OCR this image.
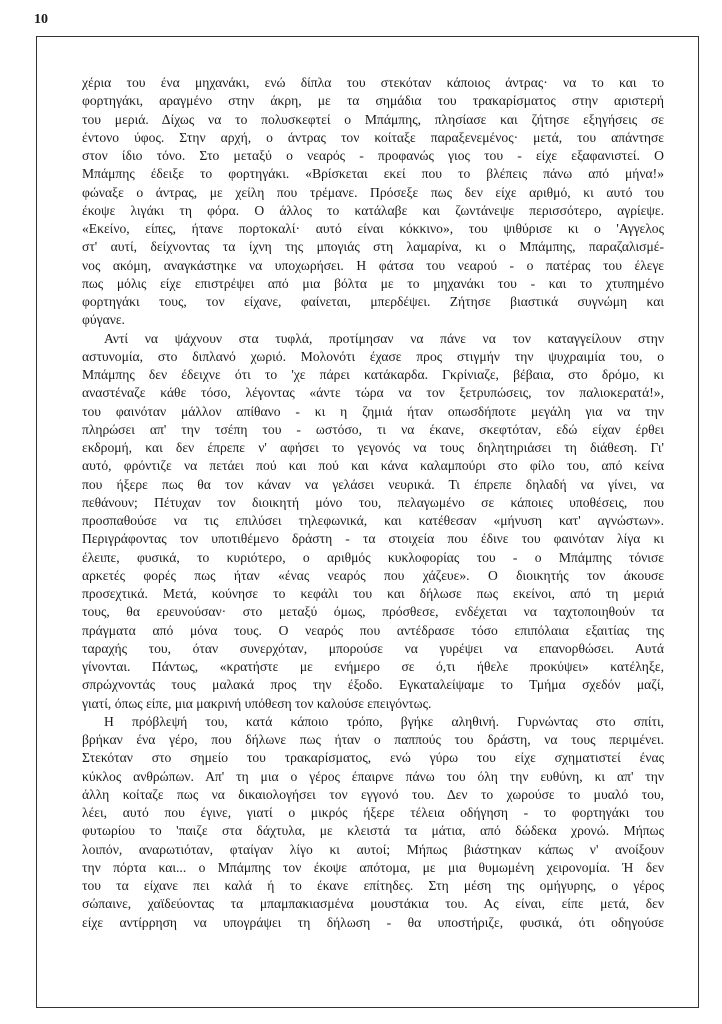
10
χέρια του ένα μηχανάκι, ενώ δίπλα του στεκόταν κάποιος άντρας· να το και το
φορτηγάκι, αραγμένο στην άκρη, με τα σημάδια του τρακαρίσματος στην αριστερή
του μεριά. Δίχως να το πολυσκεφτεί ο Μπάμπης, πλησίασε και ζήτησε εξηγήσεις σε
έντονο ύφος. Στην αρχή, ο άντρας τον κοίταξε παραξενεμένος· μετά, του απάντησε
στον ίδιο τόνο. Στο μεταξύ ο νεαρός - προφανώς γιος του - είχε εξαφανιστεί. Ο
Μπάμπης έδειξε το φορτηγάκι. «Βρίσκεται εκεί που το βλέπεις πάνω από μήνα!»
φώναξε ο άντρας, με χείλη που τρέμανε. Πρόσεξε πως δεν είχε αριθμό, κι αυτό του
έκοψε λιγάκι τη φόρα. Ο άλλος το κατάλαβε και ζωντάνεψε περισσότερο, αγρίεψε.
«Εκείνο, είπες, ήτανε πορτοκαλί· αυτό είναι κόκκινο», του ψιθύρισε κι ο 'Αγγελος
στ' αυτί, δείχνοντας τα ίχνη της μπογιάς στη λαμαρίνα, κι ο Μπάμπης, παραζαλισμέ-
νος ακόμη, αναγκάστηκε να υποχωρήσει. Η φάτσα του νεαρού - ο πατέρας του έλεγε
πως μόλις είχε επιστρέψει από μια βόλτα με το μηχανάκι του - και το χτυπημένο
φορτηγάκι τους, τον είχανε, φαίνεται, μπερδέψει. Ζήτησε βιαστικά συγνώμη και
φύγανε.
Αντί να ψάχνουν στα τυφλά, προτίμησαν να πάνε να τον καταγγείλουν στην
αστυνομία, στο διπλανό χωριό. Μολονότι έχασε προς στιγμήν την ψυχραιμία του, ο
Μπάμπης δεν έδειχνε ότι το 'χε πάρει κατάκαρδα. Γκρίνιαζε, βέβαια, στο δρόμο, κι
αναστέναζε κάθε τόσο, λέγοντας «άντε τώρα να τον ξετρυπώσεις, τον παλιοκερατά!»,
του φαινόταν μάλλον απίθανο - κι η ζημιά ήταν οπωσδήποτε μεγάλη για να την
πληρώσει απ' την τσέπη του - ωστόσο, τι να έκανε, σκεφτόταν, εδώ είχαν έρθει
εκδρομή, και δεν έπρεπε ν' αφήσει το γεγονός να τους δηλητηριάσει τη διάθεση. Γι'
αυτό, φρόντιζε να πετάει πού και πού και κάνα καλαμπούρι στο φίλο του, από κείνα
που ήξερε πως θα τον κάναν να γελάσει νευρικά. Τι έπρεπε δηλαδή να γίνει, να
πεθάνουν; Πέτυχαν τον διοικητή μόνο του, πελαγωμένο σε κάποιες υποθέσεις, που
προσπαθούσε να τις επιλύσει τηλεφωνικά, και κατέθεσαν «μήνυση κατ' αγνώστων».
Περιγράφοντας τον υποτιθέμενο δράστη - τα στοιχεία που έδινε του φαινόταν λίγα κι
έλειπε, φυσικά, το κυριότερο, ο αριθμός κυκλοφορίας του - ο Μπάμπης τόνισε
αρκετές φορές πως ήταν «ένας νεαρός που χάζευε». Ο διοικητής τον άκουσε
προσεχτικά. Μετά, κούνησε το κεφάλι του και δήλωσε πως εκείνοι, από τη μεριά
τους, θα ερευνούσαν· στο μεταξύ όμως, πρόσθεσε, ενδέχεται να ταχτοποιηθούν τα
πράγματα από μόνα τους. Ο νεαρός που αντέδρασε τόσο επιπόλαια εξαιτίας της
ταραχής του, όταν συνερχόταν, μπορούσε να γυρέψει να επανορθώσει. Αυτά
γίνονται. Πάντως, «κρατήστε με ενήμερο σε ό,τι ήθελε προκύψει» κατέληξε,
σπρώχνοντάς τους μαλακά προς την έξοδο. Εγκαταλείψαμε το Τμήμα σχεδόν μαζί,
γιατί, όπως είπε, μια μακρινή υπόθεση τον καλούσε επειγόντως.
Η πρόβλεψή του, κατά κάποιο τρόπο, βγήκε αληθινή. Γυρνώντας στο σπίτι,
βρήκαν ένα γέρο, που δήλωνε πως ήταν ο παππούς του δράστη, να τους περιμένει.
Στεκόταν στο σημείο του τρακαρίσματος, ενώ γύρω του είχε σχηματιστεί ένας
κύκλος ανθρώπων. Απ' τη μια ο γέρος έπαιρνε πάνω του όλη την ευθύνη, κι απ' την
άλλη κοίταζε πως να δικαιολογήσει τον εγγονό του. Δεν το χωρούσε το μυαλό του,
λέει, αυτό που έγινε, γιατί ο μικρός ήξερε τέλεια οδήγηση - το φορτηγάκι του
φυτωρίου το 'παιζε στα δάχτυλα, με κλειστά τα μάτια, από δώδεκα χρονώ. Μήπως
λοιπόν, αναρωτιόταν, φταίγαν λίγο κι αυτοί; Μήπως βιάστηκαν κάπως ν' ανοίξουν
την πόρτα και... ο Μπάμπης τον έκοψε απότομα, με μια θυμωμένη χειρονομία. Ή δεν
του τα είχανε πει καλά ή το έκανε επίτηδες. Στη μέση της ομήγυρης, ο γέρος
σώπαινε, χαϊδεύοντας τα μπαμπακιασμένα μουστάκια του. Ας είναι, είπε μετά, δεν
είχε αντίρρηση να υπογράψει τη δήλωση - θα υποστήριζε, φυσικά, ότι οδηγούσε
